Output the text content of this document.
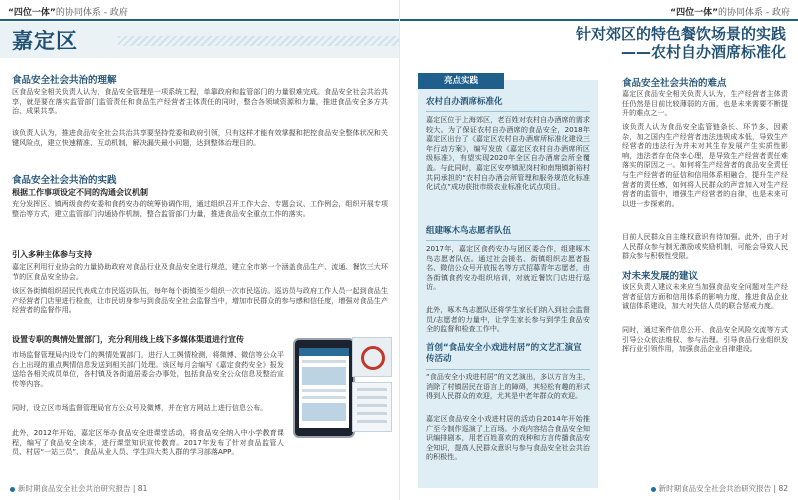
“四位一体”的协同体系 - 政府
嘉定区
食品安全社会共治的理解
区食品安全相关负责人认为，食品安全管理是一项系统工程，单靠政府和监管部门的力量很难完成。食品安全社会共治共享，就是要在落实监管部门监管责任和食品生产经营者主体责任的同时，整合各领域资源和力量，推进食品安全多方共治、成果共享。
该负责人认为，推进食品安全社会共治共享要坚持党委和政府引领，只有这样才能有效掌握和把控食品安全整体状况和关键风险点，建立快速精准、互动机制，解决漏失最小问题，达到整体治理目的。
食品安全社会共治的实践
根据工作事项设定不同的沟通会议机制
充分发挥区、镇两级食药安委和食药安办的统筹协调作用，通过组织召开工作大会、专题会议、工作例会，组织开展专项整治等方式，建立监管部门沟通协作机制，整合监管部门力量，推进食品安全重点工作的落实。
引入多种主体参与支持
嘉定区利用行业协会的力量协助政府对食品行业及食品安全进行规范，建立全市第一个涵盖食品生产、流通、餐饮三大环节的区食品安全协会。
该区各街镇组织居民代表成立市民巡访队伍，每年每个街镇至少组织一次市民巡访。巡访员与政府工作人员一起到食品生产经营者门店里进行检查，让市民切身参与到食品安全社会监督当中，增加市民群众的参与感和信任度，增强对食品生产经营者的监督作用。
设置专职的舆情处置部门，充分利用线上线下多媒体渠道进行宣传
市场监督管理局内设专门的舆情处置部门，进行人工舆情检测，将微博、微信等公众平台上出现的重点舆情信息发送到相关部门处理。该区每月会编写《嘉定食药安全》报发送给各相关成员单位，各村镇及各街道居委会办事处，包括食品安全公众信息及整治宣传等内容。
同时，设立区市场监督管理局官方公众号及微博，并在官方网站上进行信息公布。
此外，2012年开始，嘉定区举办食品安全进课堂活动，将食品安全纳入中小学教育课程，编写了食品安全读本，进行课堂知识宣传教育。2017年发布了针对食品监管人员、村居“一站三员”、食品从业人员、学生四大类人群的学习部落APP。
新时期食品安全社会共治研究报告 | 81
“四位一体”的协同体系 - 政府
针对郊区的特色餐饮场景的实践
——农村自办酒席标准化
亮点实践
农村自办酒席标准化
嘉定区位于上海郊区，老百姓对农村自办酒席的需求较大。为了保证农村自办酒席的食品安全，2018年嘉定区出台了《嘉定区农村自办酒席所标准化建设三年行动方案》，编写发放《嘉定区农村自办酒席所区级标准》，有望实现2020年全区自办酒席会所全覆盖。与此同时，嘉定区安亭镇泥岗村和南翔镇新裕村共同承担的“农村自办酒会所管理和服务规范化标准化试点”成功获批市级农业标准化试点项目。
组建啄木鸟志愿者队伍
2017年，嘉定区食药安办与团区委合作，组建啄木鸟志愿者队伍。通过社会援名、街镇组织志愿者报名、微信公众号开放报名等方式招募青年志愿者，由各街镇食药安办组织培训，对就近餐饮门店进行巡访。
此外，啄木鸟志愿队还将学生家长们纳入到社会监督员/志愿者的力量中，让学生家长参与到学生食品安全的监督和检查工作中。
首创“食品安全小戏进村居”的文艺汇演宣传活动
“食品安全小戏进村居”的文艺演出，多以方言为主，消除了村镇居民在语言上的障碍，其轻松有趣的形式得到人民群众的欢迎，尤其是中老年群众的欢迎。
嘉定区食品安全小戏进村居的活动自2014年开始推广至今制作巡演了上百场。小戏内容结合食品安全知识编排剧本，用老百姓喜欢的戏种和方言传播食品安全知识，提高人民群众意识与参与食品安全社会共治的积极性。
食品安全社会共治的难点
嘉定区食品安全相关负责人认为，生产经营者主体责任仍然是目前比较薄弱的方面，也是未来需要不断提升的难点之一。
该负责人认为食品安全监管链条长、环节多、因素杂，加之国内生产经营者违法违规成本低，导致生产经营者的违法行为并未对其生存发展产生实质性影响，违法者存在侥幸心理，是导致生产经营者责任难落实的原因之一。如何将生产经营者的食品安全责任与生产经营者的征信和信用体系相融合，提升生产经营者的责任感，如何将人民群众的声音加入对生产经营者的监管中，增强生产经营者的自律，也是未来可以进一步探索的。
目前人民群众自主维权意识有待加强。此外，由于对人民群众参与制无激励或奖励机制，可能会导致人民群众参与积极性受限。
对未来发展的建议
该区负责人建议未来应当加强食品安全问题对生产经营者征信方面和信用体系的影响力度，推进食品企业诚信体系建设，加大对失信人员的联合惩戒力度。
同时，通过案件信息公开、食品安全风险交流等方式引导公众依法维权、参与治理。引导食品行业组织发挥行业引领作用，加强食品企业自律建设。
新时期食品安全社会共治研究报告 | 82
